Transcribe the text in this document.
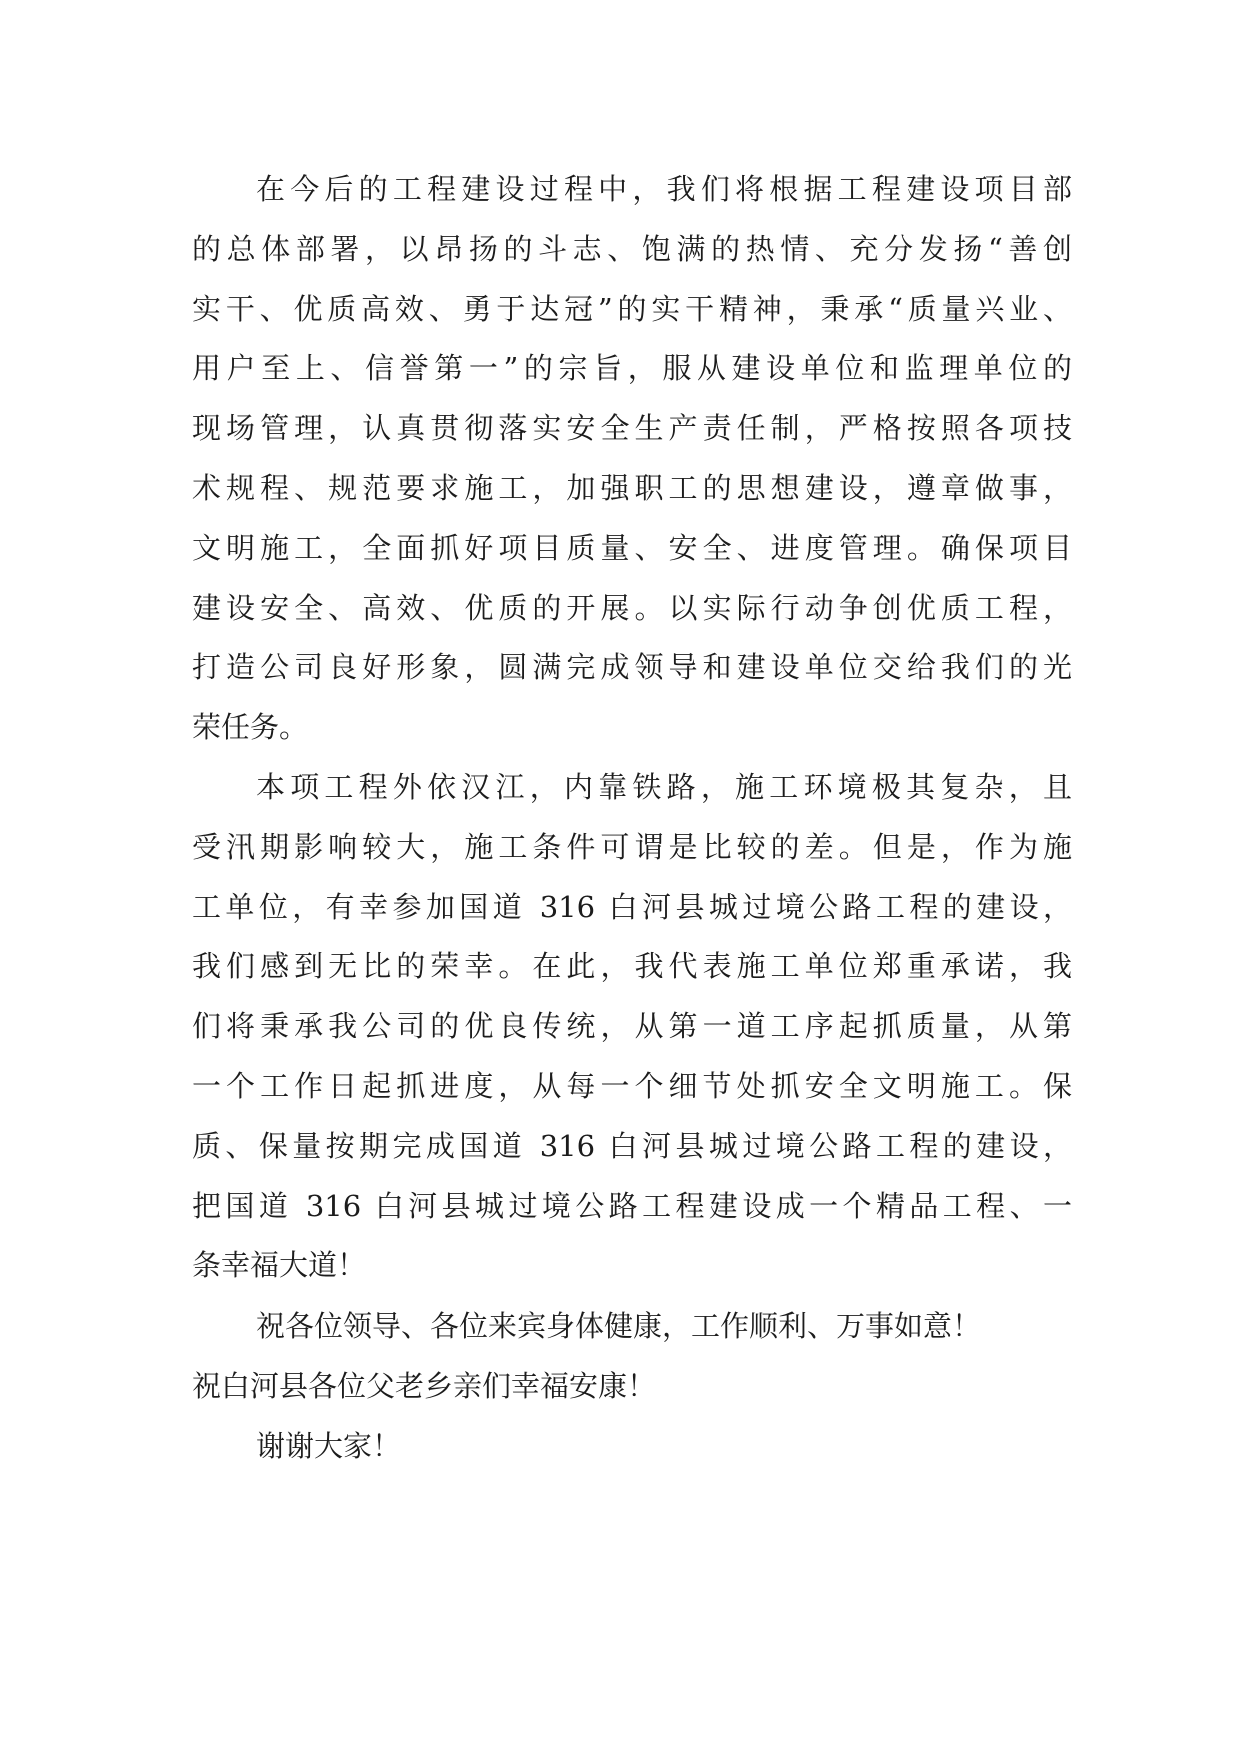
在今后的工程建设过程中，我们将根据工程建设项目部
的总体部署，以昂扬的斗志、饱满的热情、充分发扬“善创
实干、优质高效、勇于达冠”的实干精神，秉承“质量兴业、
用户至上、信誉第一”的宗旨，服从建设单位和监理单位的
现场管理，认真贯彻落实安全生产责任制，严格按照各项技
术规程、规范要求施工，加强职工的思想建设，遵章做事，
文明施工，全面抓好项目质量、安全、进度管理。确保项目
建设安全、高效、优质的开展。以实际行动争创优质工程，
打造公司良好形象，圆满完成领导和建设单位交给我们的光
荣任务。
本项工程外依汉江，内靠铁路，施工环境极其复杂，且
受汛期影响较大，施工条件可谓是比较的差。但是，作为施
工单位，有幸参加国道 316 白河县城过境公路工程的建设，
我们感到无比的荣幸。在此，我代表施工单位郑重承诺，我
们将秉承我公司的优良传统，从第一道工序起抓质量，从第
一个工作日起抓进度，从每一个细节处抓安全文明施工。保
质、保量按期完成国道 316 白河县城过境公路工程的建设，
把国道 316 白河县城过境公路工程建设成一个精品工程、一
条幸福大道！
祝各位领导、各位来宾身体健康，工作顺利、万事如意！
祝白河县各位父老乡亲们幸福安康！
谢谢大家！
